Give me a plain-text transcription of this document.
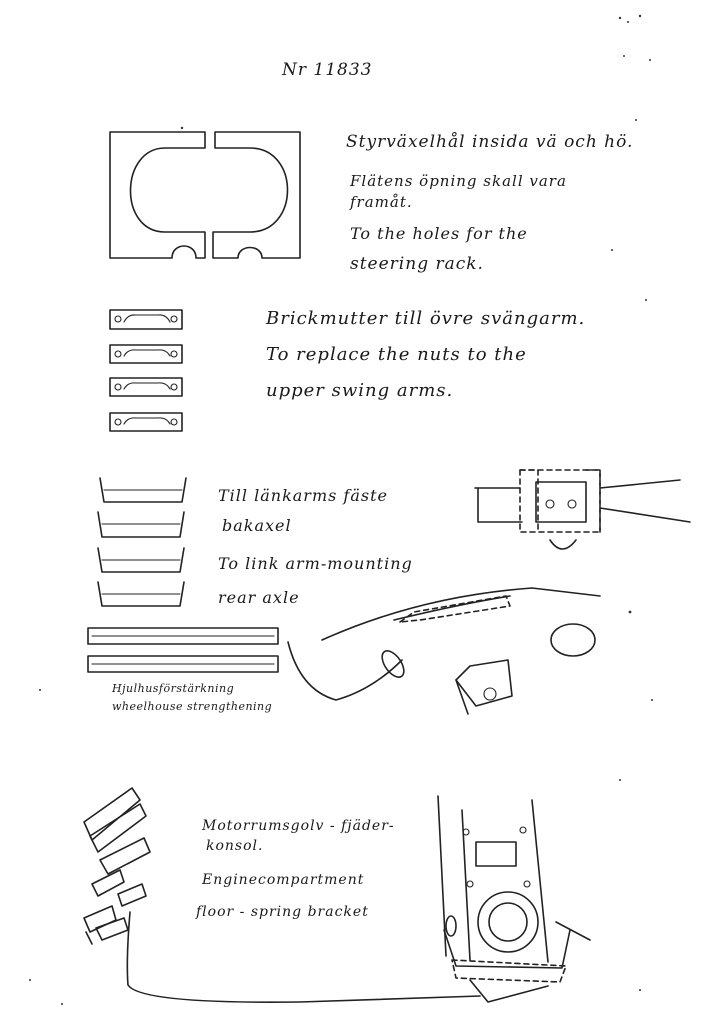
Nr 11833
Styrväxelhål insida vä och hö.
Flätens öpning skall vara
framåt.
To the holes for the
steering rack.
Brickmutter till övre svängarm.
To replace the nuts to the
upper swing arms.
Till länkarms fäste
bakaxel
To link arm-mounting
rear axle
Hjulhusförstärkning
wheelhouse strengthening
Motorrumsgolv - fjäder-
konsol.
Enginecompartment
floor - spring bracket
